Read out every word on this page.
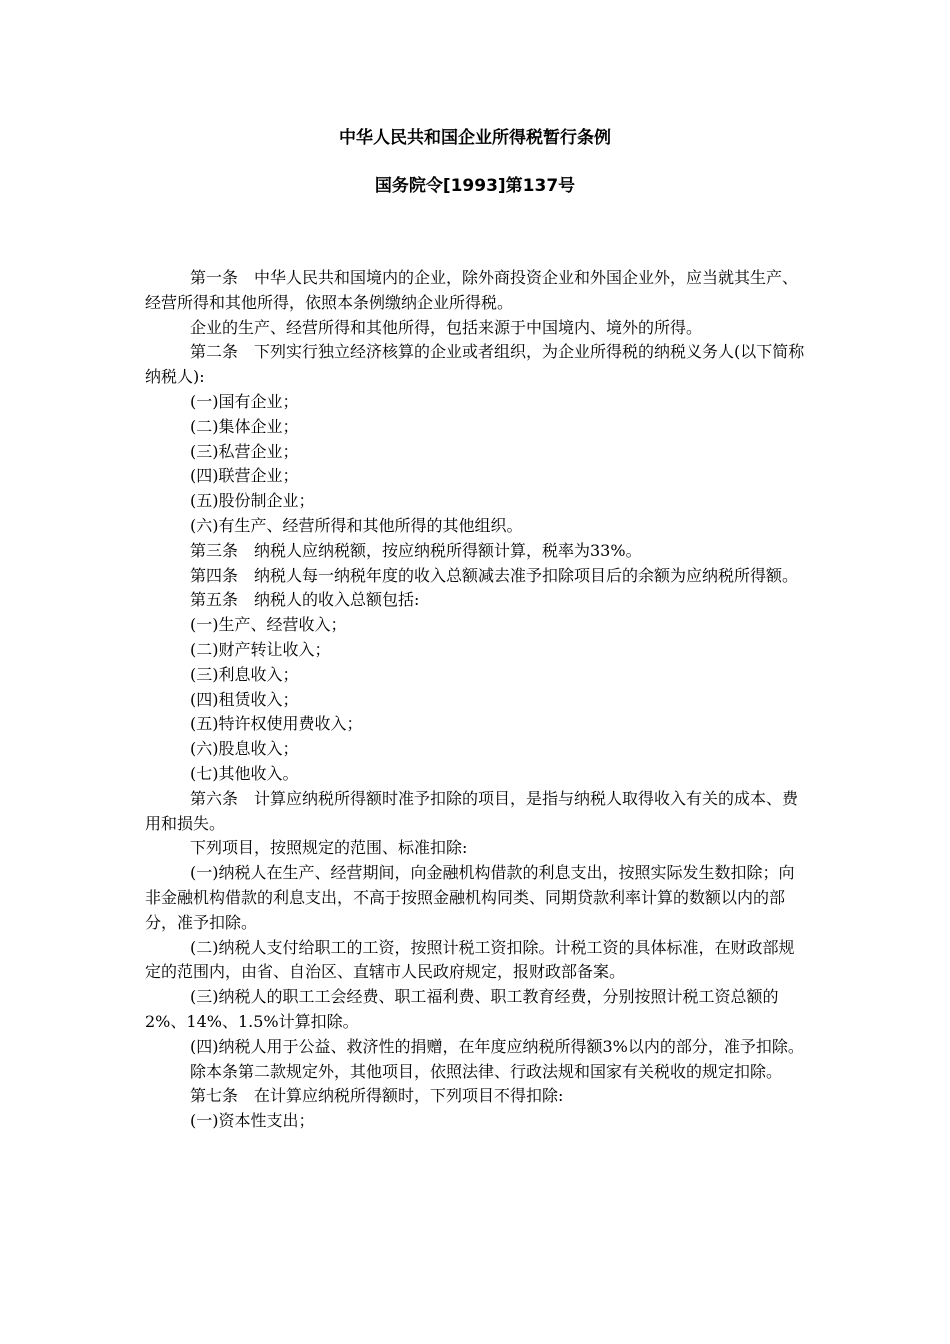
中华人民共和国企业所得税暂行条例
国务院令[1993]第137号

第一条　中华人民共和国境内的企业，除外商投资企业和外国企业外，应当就其生产、经营所得和其他所得，依照本条例缴纳企业所得税。

企业的生产、经营所得和其他所得，包括来源于中国境内、境外的所得。

第二条　下列实行独立经济核算的企业或者组织，为企业所得税的纳税义务人(以下简称纳税人):

(一)国有企业；

(二)集体企业；

(三)私营企业；

(四)联营企业；

(五)股份制企业；

(六)有生产、经营所得和其他所得的其他组织。

第三条　纳税人应纳税额，按应纳税所得额计算，税率为33%。

第四条　纳税人每一纳税年度的收入总额减去准予扣除项目后的余额为应纳税所得额。

第五条　纳税人的收入总额包括:

(一)生产、经营收入；

(二)财产转让收入；

(三)利息收入；

(四)租赁收入；

(五)特许权使用费收入；

(六)股息收入；

(七)其他收入。

第六条　计算应纳税所得额时准予扣除的项目，是指与纳税人取得收入有关的成本、费用和损失。

下列项目，按照规定的范围、标准扣除:

(一)纳税人在生产、经营期间，向金融机构借款的利息支出，按照实际发生数扣除；向非金融机构借款的利息支出，不高于按照金融机构同类、同期贷款利率计算的数额以内的部分，准予扣除。

(二)纳税人支付给职工的工资，按照计税工资扣除。计税工资的具体标准，在财政部规定的范围内，由省、自治区、直辖市人民政府规定，报财政部备案。

(三)纳税人的职工工会经费、职工福利费、职工教育经费，分别按照计税工资总额的2%、14%、1.5%计算扣除。

(四)纳税人用于公益、救济性的捐赠，在年度应纳税所得额3%以内的部分，准予扣除。

除本条第二款规定外，其他项目，依照法律、行政法规和国家有关税收的规定扣除。

第七条　在计算应纳税所得额时，下列项目不得扣除:

(一)资本性支出；
